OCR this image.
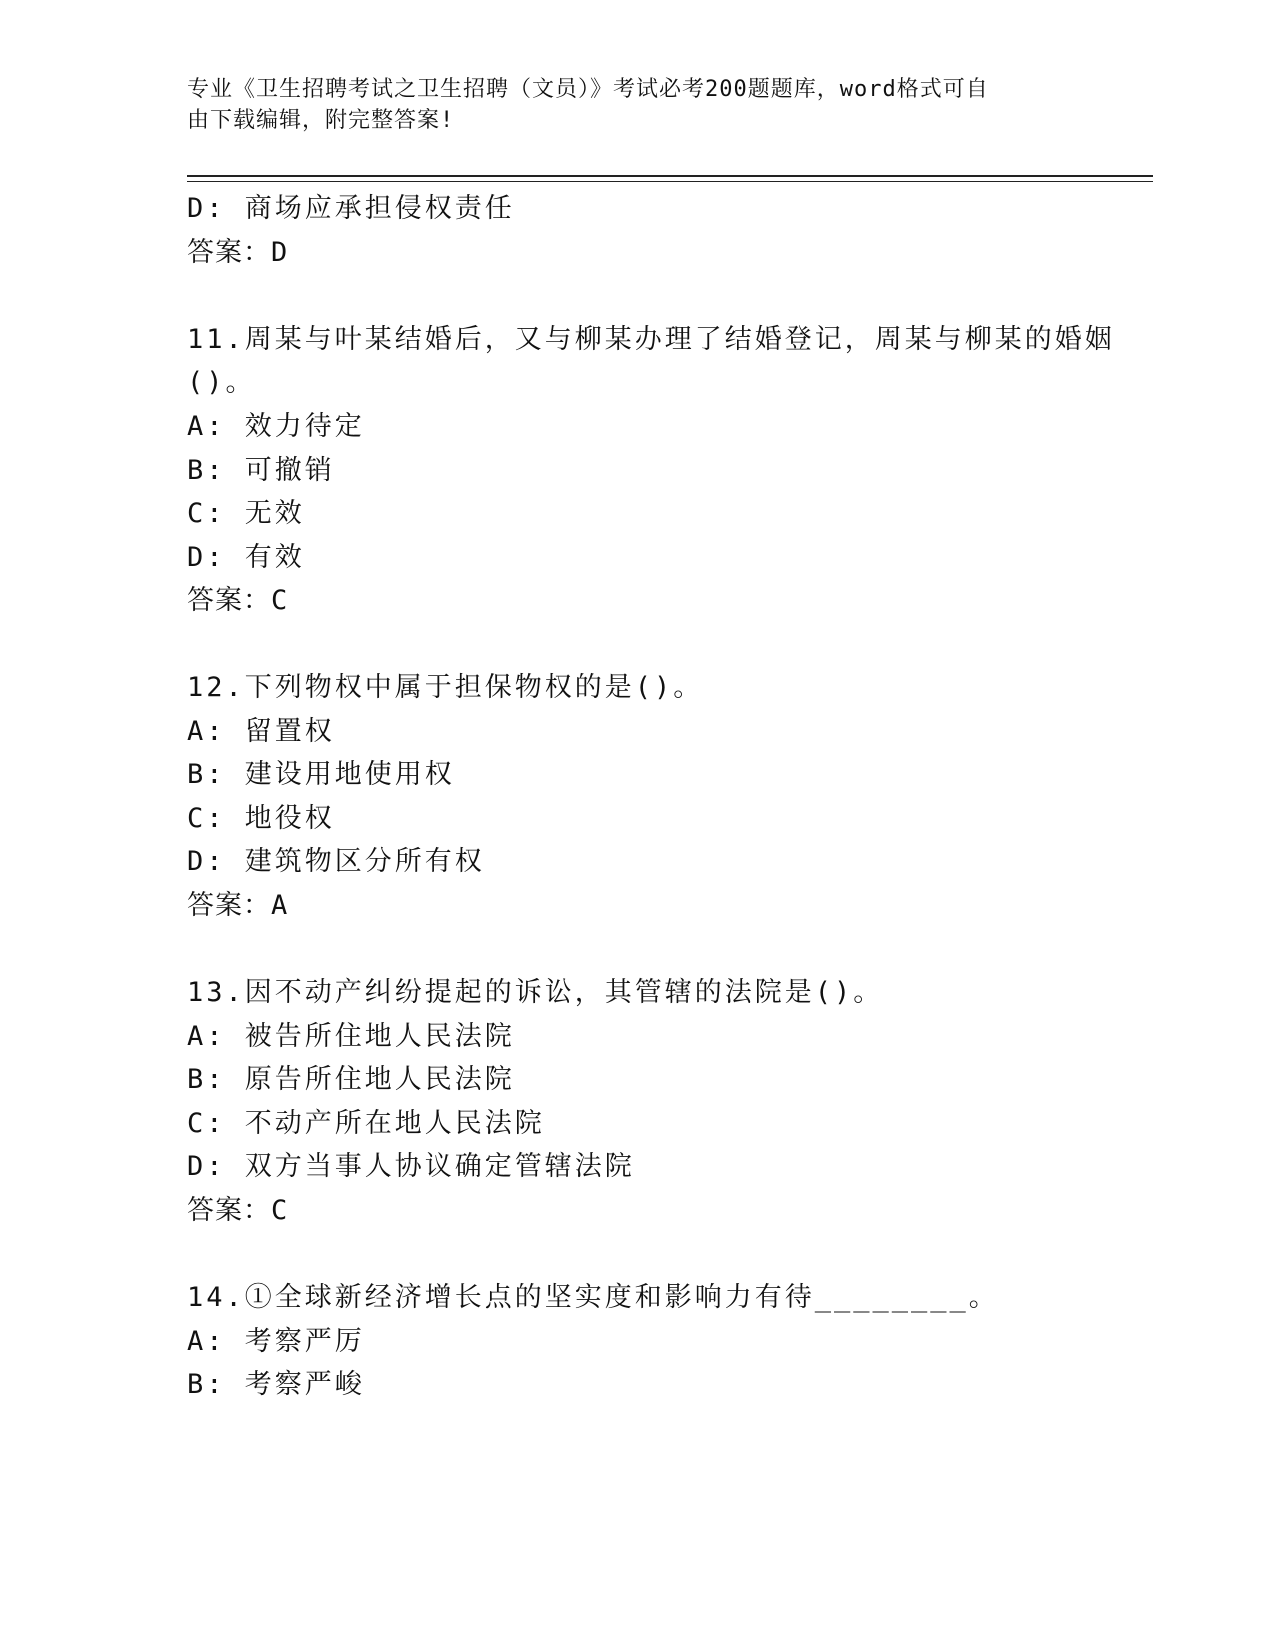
专业《卫生招聘考试之卫生招聘（文员）》考试必考200题题库，word格式可自
由下载编辑，附完整答案!
D: 商场应承担侵权责任
答案：D
11.周某与叶某结婚后，又与柳某办理了结婚登记，周某与柳某的婚姻
()。
A: 效力待定
B: 可撤销
C: 无效
D: 有效
答案：C
12.下列物权中属于担保物权的是()。
A: 留置权
B: 建设用地使用权
C: 地役权
D: 建筑物区分所有权
答案：A
13.因不动产纠纷提起的诉讼，其管辖的法院是()。
A: 被告所住地人民法院
B: 原告所住地人民法院
C: 不动产所在地人民法院
D: 双方当事人协议确定管辖法院
答案：C
14.①全球新经济增长点的坚实度和影响力有待________。
A: 考察严厉
B: 考察严峻
